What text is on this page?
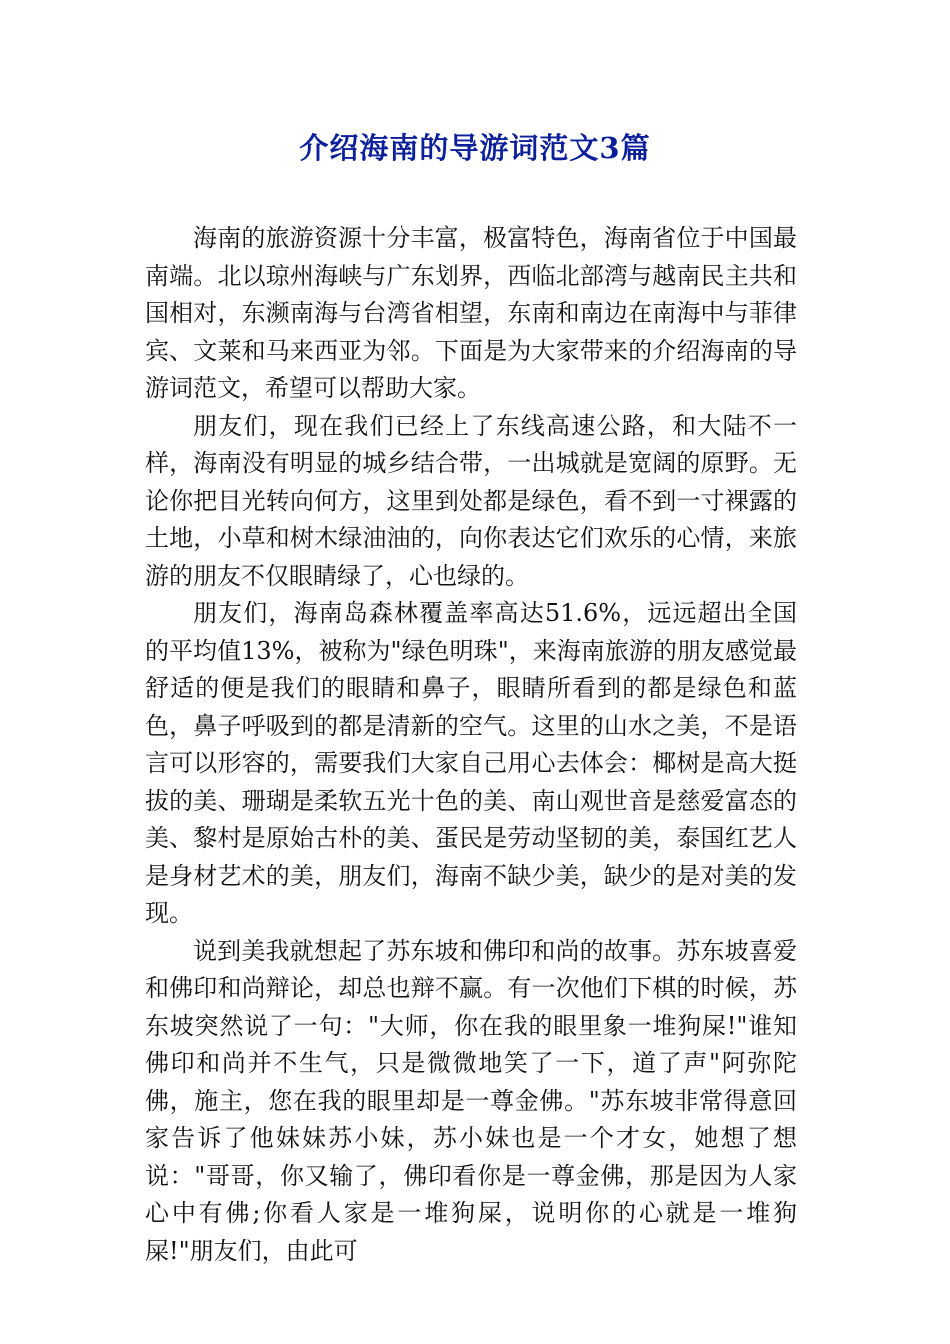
介绍海南的导游词范文3篇

海南的旅游资源十分丰富，极富特色，海南省位于中国最南端。北以琼州海峡与广东划界，西临北部湾与越南民主共和国相对，东濒南海与台湾省相望，东南和南边在南海中与菲律宾、文莱和马来西亚为邻。下面是为大家带来的介绍海南的导游词范文，希望可以帮助大家。

朋友们，现在我们已经上了东线高速公路，和大陆不一样，海南没有明显的城乡结合带，一出城就是宽阔的原野。无论你把目光转向何方，这里到处都是绿色，看不到一寸裸露的土地，小草和树木绿油油的，向你表达它们欢乐的心情，来旅游的朋友不仅眼睛绿了，心也绿的。

朋友们，海南岛森林覆盖率高达51.6%，远远超出全国的平均值13%，被称为"绿色明珠"，来海南旅游的朋友感觉最舒适的便是我们的眼睛和鼻子，眼睛所看到的都是绿色和蓝色，鼻子呼吸到的都是清新的空气。这里的山水之美，不是语言可以形容的，需要我们大家自己用心去体会：椰树是高大挺拔的美、珊瑚是柔软五光十色的美、南山观世音是慈爱富态的美、黎村是原始古朴的美、蛋民是劳动坚韧的美，泰国红艺人是身材艺术的美，朋友们，海南不缺少美，缺少的是对美的发现。

说到美我就想起了苏东坡和佛印和尚的故事。苏东坡喜爱和佛印和尚辩论，却总也辩不赢。有一次他们下棋的时候，苏东坡突然说了一句："大师，你在我的眼里象一堆狗屎!"谁知佛印和尚并不生气，只是微微地笑了一下，道了声"阿弥陀佛，施主，您在我的眼里却是一尊金佛。"苏东坡非常得意回家告诉了他妹妹苏小妹，苏小妹也是一个才女，她想了想说："哥哥，你又输了，佛印看你是一尊金佛，那是因为人家心中有佛;你看人家是一堆狗屎，说明你的心就是一堆狗屎!"朋友们，由此可
